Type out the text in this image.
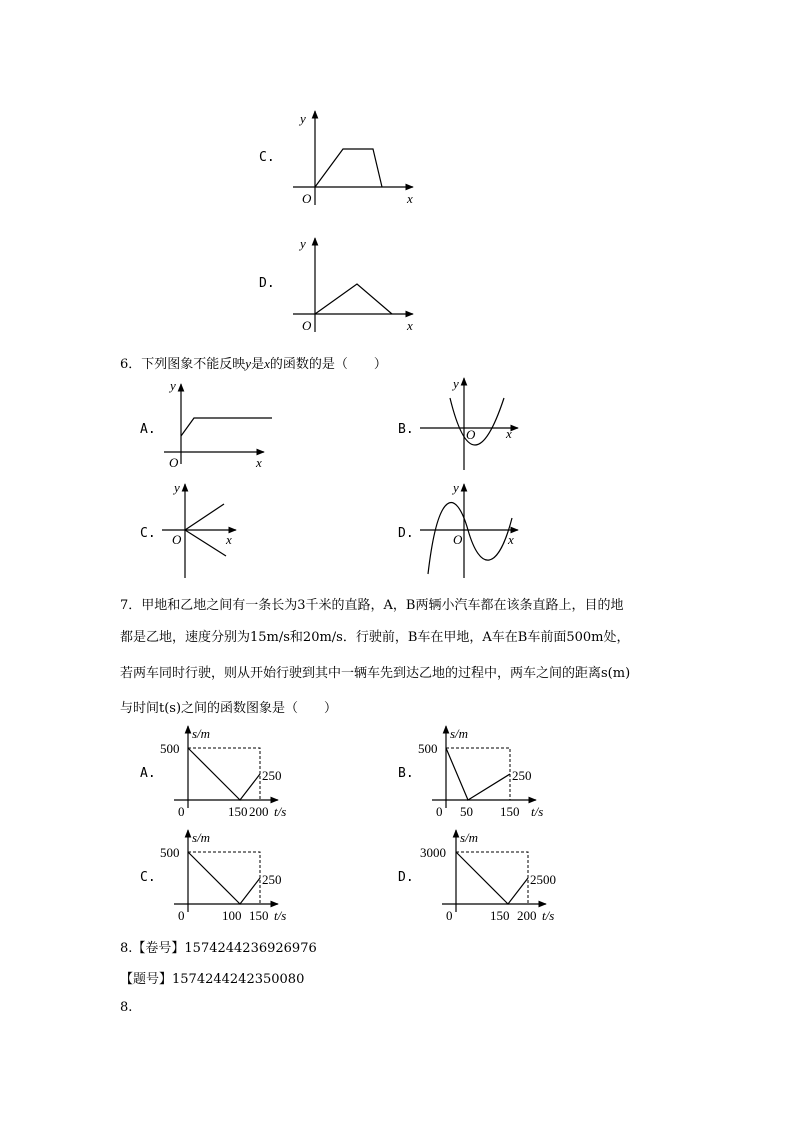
C.
y
x
O
D.
y
x
O
6．下列图象不能反映y是x的函数的是（　　）
A.
y
x
O
B.
y
x
O
C.
y
x
O	D.
y
x
O
7．甲地和乙地之间有一条长为3千米的直路，A，B两辆小汽车都在该条直路上，目的地
都是乙地，速度分别为15m/s和20m/s．行驶前，B车在甲地，A车在B车前面500m处，
若两车同时行驶，则从开始行驶到其中一辆车先到达乙地的过程中，两车之间的距离s(m)
与时间t(s)之间的函数图象是（　　）
A.
s/m
500
250
0	150 200 t/s
B.
s/m
500
250
0 50 150 t/s
C.
s/m
500
250
0	100 150 t/s
D.
s/m
3000
2500
0	150 200 t/s
8.【卷号】1574244236926976
【题号】1574244242350080
8.
